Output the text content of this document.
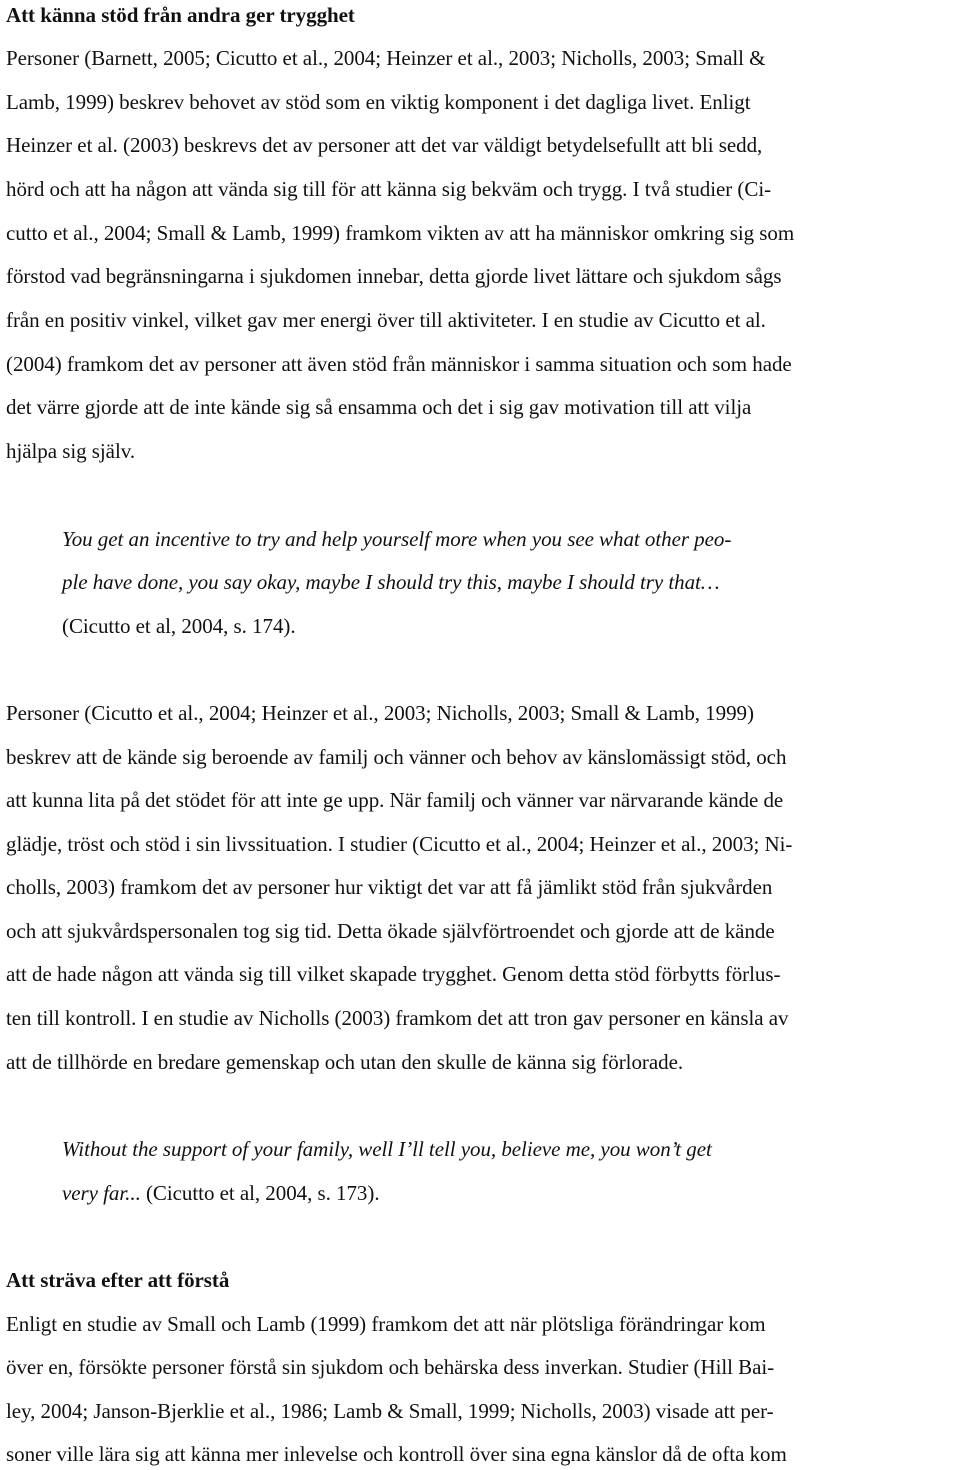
Att känna stöd från andra ger trygghet
Personer (Barnett, 2005; Cicutto et al., 2004; Heinzer et al., 2003; Nicholls, 2003; Small &
Lamb, 1999) beskrev behovet av stöd som en viktig komponent i det dagliga livet. Enligt
Heinzer et al. (2003) beskrevs det av personer att det var väldigt betydelsefullt att bli sedd,
hörd och att ha någon att vända sig till för att känna sig bekväm och trygg. I två studier (Ci-
cutto et al., 2004; Small & Lamb, 1999) framkom vikten av att ha människor omkring sig som
förstod vad begränsningarna i sjukdomen innebar, detta gjorde livet lättare och sjukdom sågs
från en positiv vinkel, vilket gav mer energi över till aktiviteter. I en studie av Cicutto et al.
(2004) framkom det av personer att även stöd från människor i samma situation och som hade
det värre gjorde att de inte kände sig så ensamma och det i sig gav motivation till att vilja
hjälpa sig själv.
You get an incentive to try and help yourself more when you see what other peo-
ple have done, you say okay, maybe I should try this, maybe I should try that…
(Cicutto et al, 2004, s. 174).
Personer (Cicutto et al., 2004; Heinzer et al., 2003; Nicholls, 2003; Small & Lamb, 1999)
beskrev att de kände sig beroende av familj och vänner och behov av känslomässigt stöd, och
att kunna lita på det stödet för att inte ge upp. När familj och vänner var närvarande kände de
glädje, tröst och stöd i sin livssituation. I studier (Cicutto et al., 2004; Heinzer et al., 2003; Ni-
cholls, 2003) framkom det av personer hur viktigt det var att få jämlikt stöd från sjukvården
och att sjukvårdspersonalen tog sig tid. Detta ökade självförtroendet och gjorde att de kände
att de hade någon att vända sig till vilket skapade trygghet. Genom detta stöd förbytts förlus-
ten till kontroll. I en studie av Nicholls (2003) framkom det att tron gav personer en känsla av
att de tillhörde en bredare gemenskap och utan den skulle de känna sig förlorade.
Without the support of your family, well I’ll tell you, believe me, you won’t get
very far... (Cicutto et al, 2004, s. 173).
Att sträva efter att förstå
Enligt en studie av Small och Lamb (1999) framkom det att när plötsliga förändringar kom
över en, försökte personer förstå sin sjukdom och behärska dess inverkan. Studier (Hill Bai-
ley, 2004; Janson-Bjerklie et al., 1986; Lamb & Small, 1999; Nicholls, 2003) visade att per-
soner ville lära sig att känna mer inlevelse och kontroll över sina egna känslor då de ofta kom
